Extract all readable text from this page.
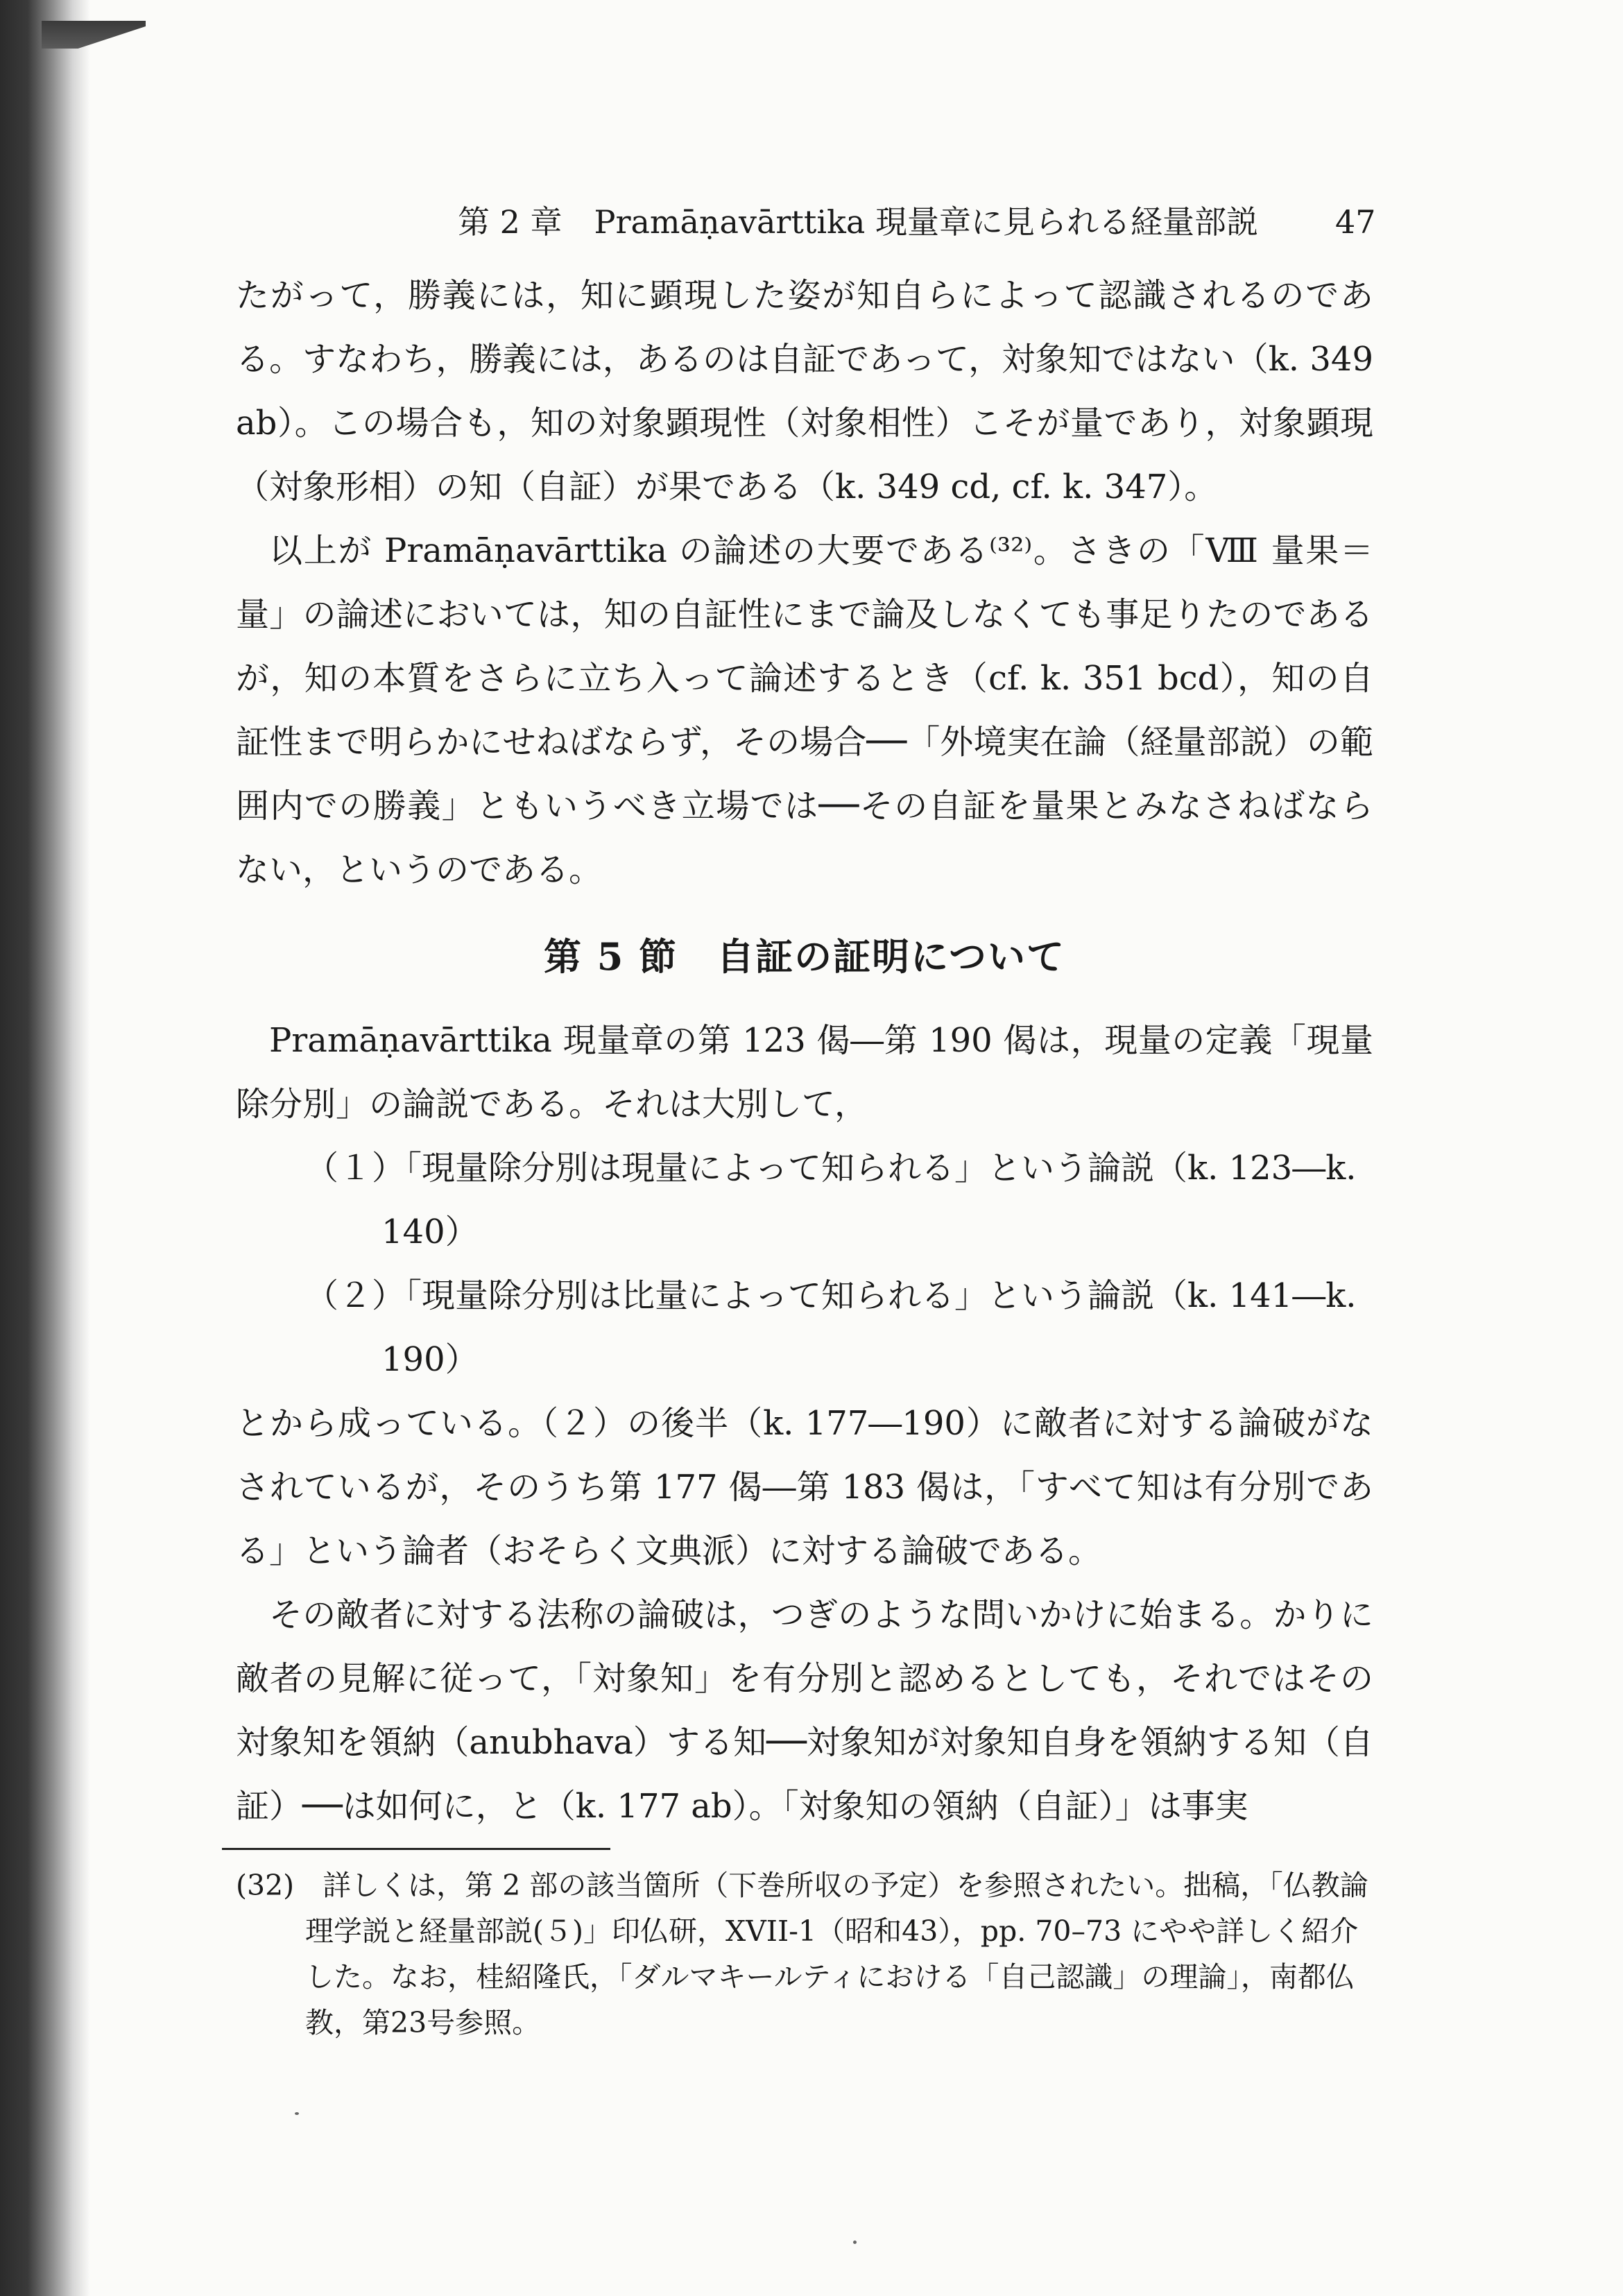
第 2 章　Pramāṇavārttika 現量章に見られる経量部説 47

たがって，勝義には，知に顕現した姿が知自らによって認識されるのである。すなわち，勝義には，あるのは自証であって，対象知ではない（k. 349 ab）。この場合も，知の対象顕現性（対象相性）こそが量であり，対象顕現（対象形相）の知（自証）が果である（k. 349 cd, cf. k. 347）。

以上が Pramāṇavārttika の論述の大要である⁽³²⁾。さきの「Ⅷ 量果＝量」の論述においては，知の自証性にまで論及しなくても事足りたのであるが，知の本質をさらに立ち入って論述するとき（cf. k. 351 bcd），知の自証性まで明らかにせねばならず，その場合──「外境実在論（経量部説）の範囲内での勝義」ともいうべき立場では──その自証を量果とみなさねばならない，というのである。

第 5 節　自証の証明について

Pramāṇavārttika 現量章の第 123 偈―第 190 偈は，現量の定義「現量除分別」の論説である。それは大別して，

（１）「現量除分別は現量によって知られる」という論説（k. 123―k. 140）

（２）「現量除分別は比量によって知られる」という論説（k. 141―k. 190）

とから成っている。（２）の後半（k. 177―190）に敵者に対する論破がなされているが，そのうち第 177 偈―第 183 偈は，「すべて知は有分別である」という論者（おそらく文典派）に対する論破である。

その敵者に対する法称の論破は，つぎのような問いかけに始まる。かりに敵者の見解に従って，「対象知」を有分別と認めるとしても，それではその対象知を領納（anubhava）する知──対象知が対象知自身を領納する知（自証）──は如何に，と（k. 177 ab）。「対象知の領納（自証）」は事実

(32)　詳しくは，第 2 部の該当箇所（下巻所収の予定）を参照されたい。拙稿，「仏教論理学説と経量部説(５)」印仏研，XVII-1（昭和43），pp. 70–73 にやや詳しく紹介した。なお，桂紹隆氏，「ダルマキールティにおける「自己認識」の理論」，南都仏教，第23号参照。
